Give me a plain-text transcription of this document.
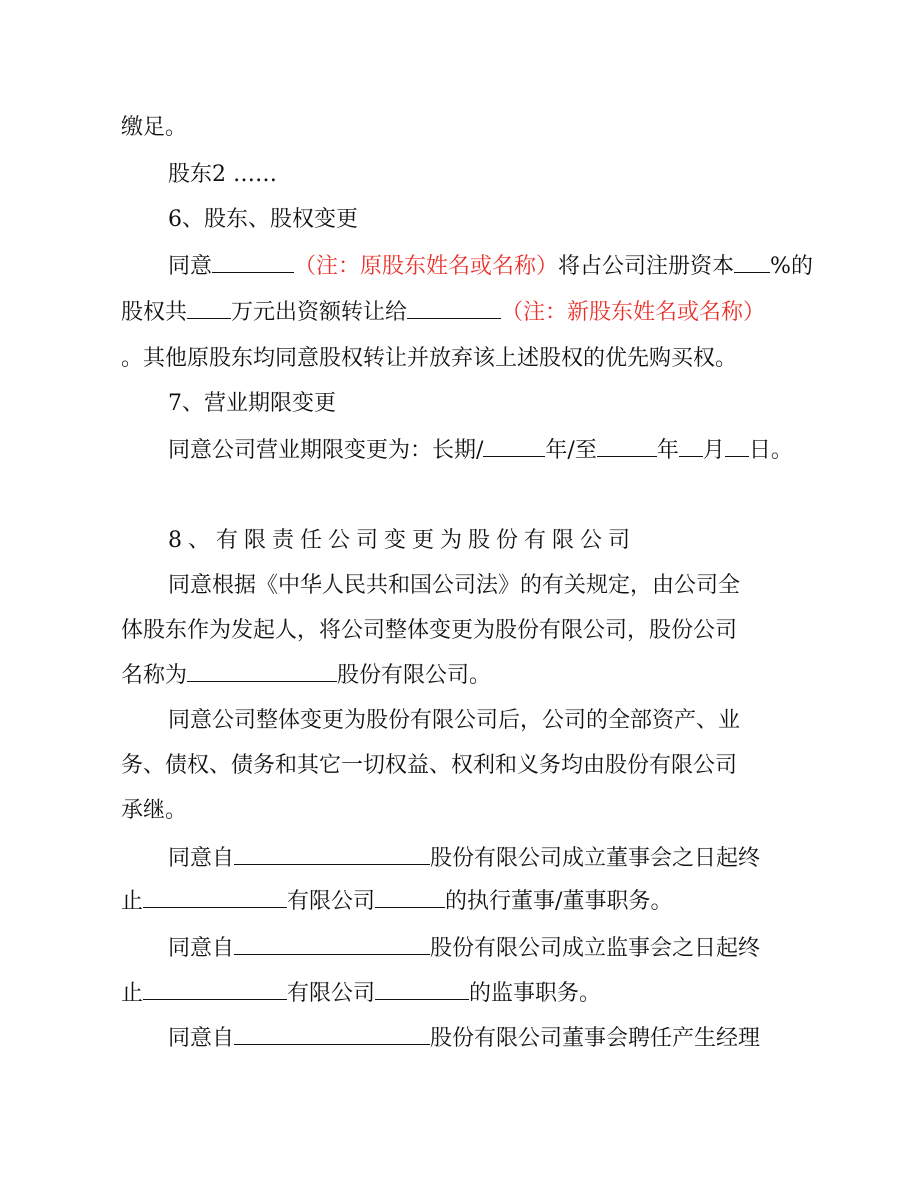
缴足。
股东2 ……
6、股东、股权变更
同意	（注：原股东姓名或名称）将占公司注册资本 %的
股权共 万元出资额转让给	（注：新股东姓名或名称）
。其他原股东均同意股权转让并放弃该上述股权的优先购买权。
7、营业期限变更
同意公司营业期限变更为：长期/	年/至	年 月 日。
8、有限责任公司变更为股份有限公司
同意根据《中华人民共和国公司法》的有关规定，由公司全
体股东作为发起人，将公司整体变更为股份有限公司，股份公司
名称为	股份有限公司。
同意公司整体变更为股份有限公司后，公司的全部资产、业
务、债权、债务和其它一切权益、权利和义务均由股份有限公司
承继。
同意自	股份有限公司成立董事会之日起终
止	有限公司	的执行董事/董事职务。
同意自	股份有限公司成立监事会之日起终
止	有限公司	的监事职务。
同意自	股份有限公司董事会聘任产生经理
